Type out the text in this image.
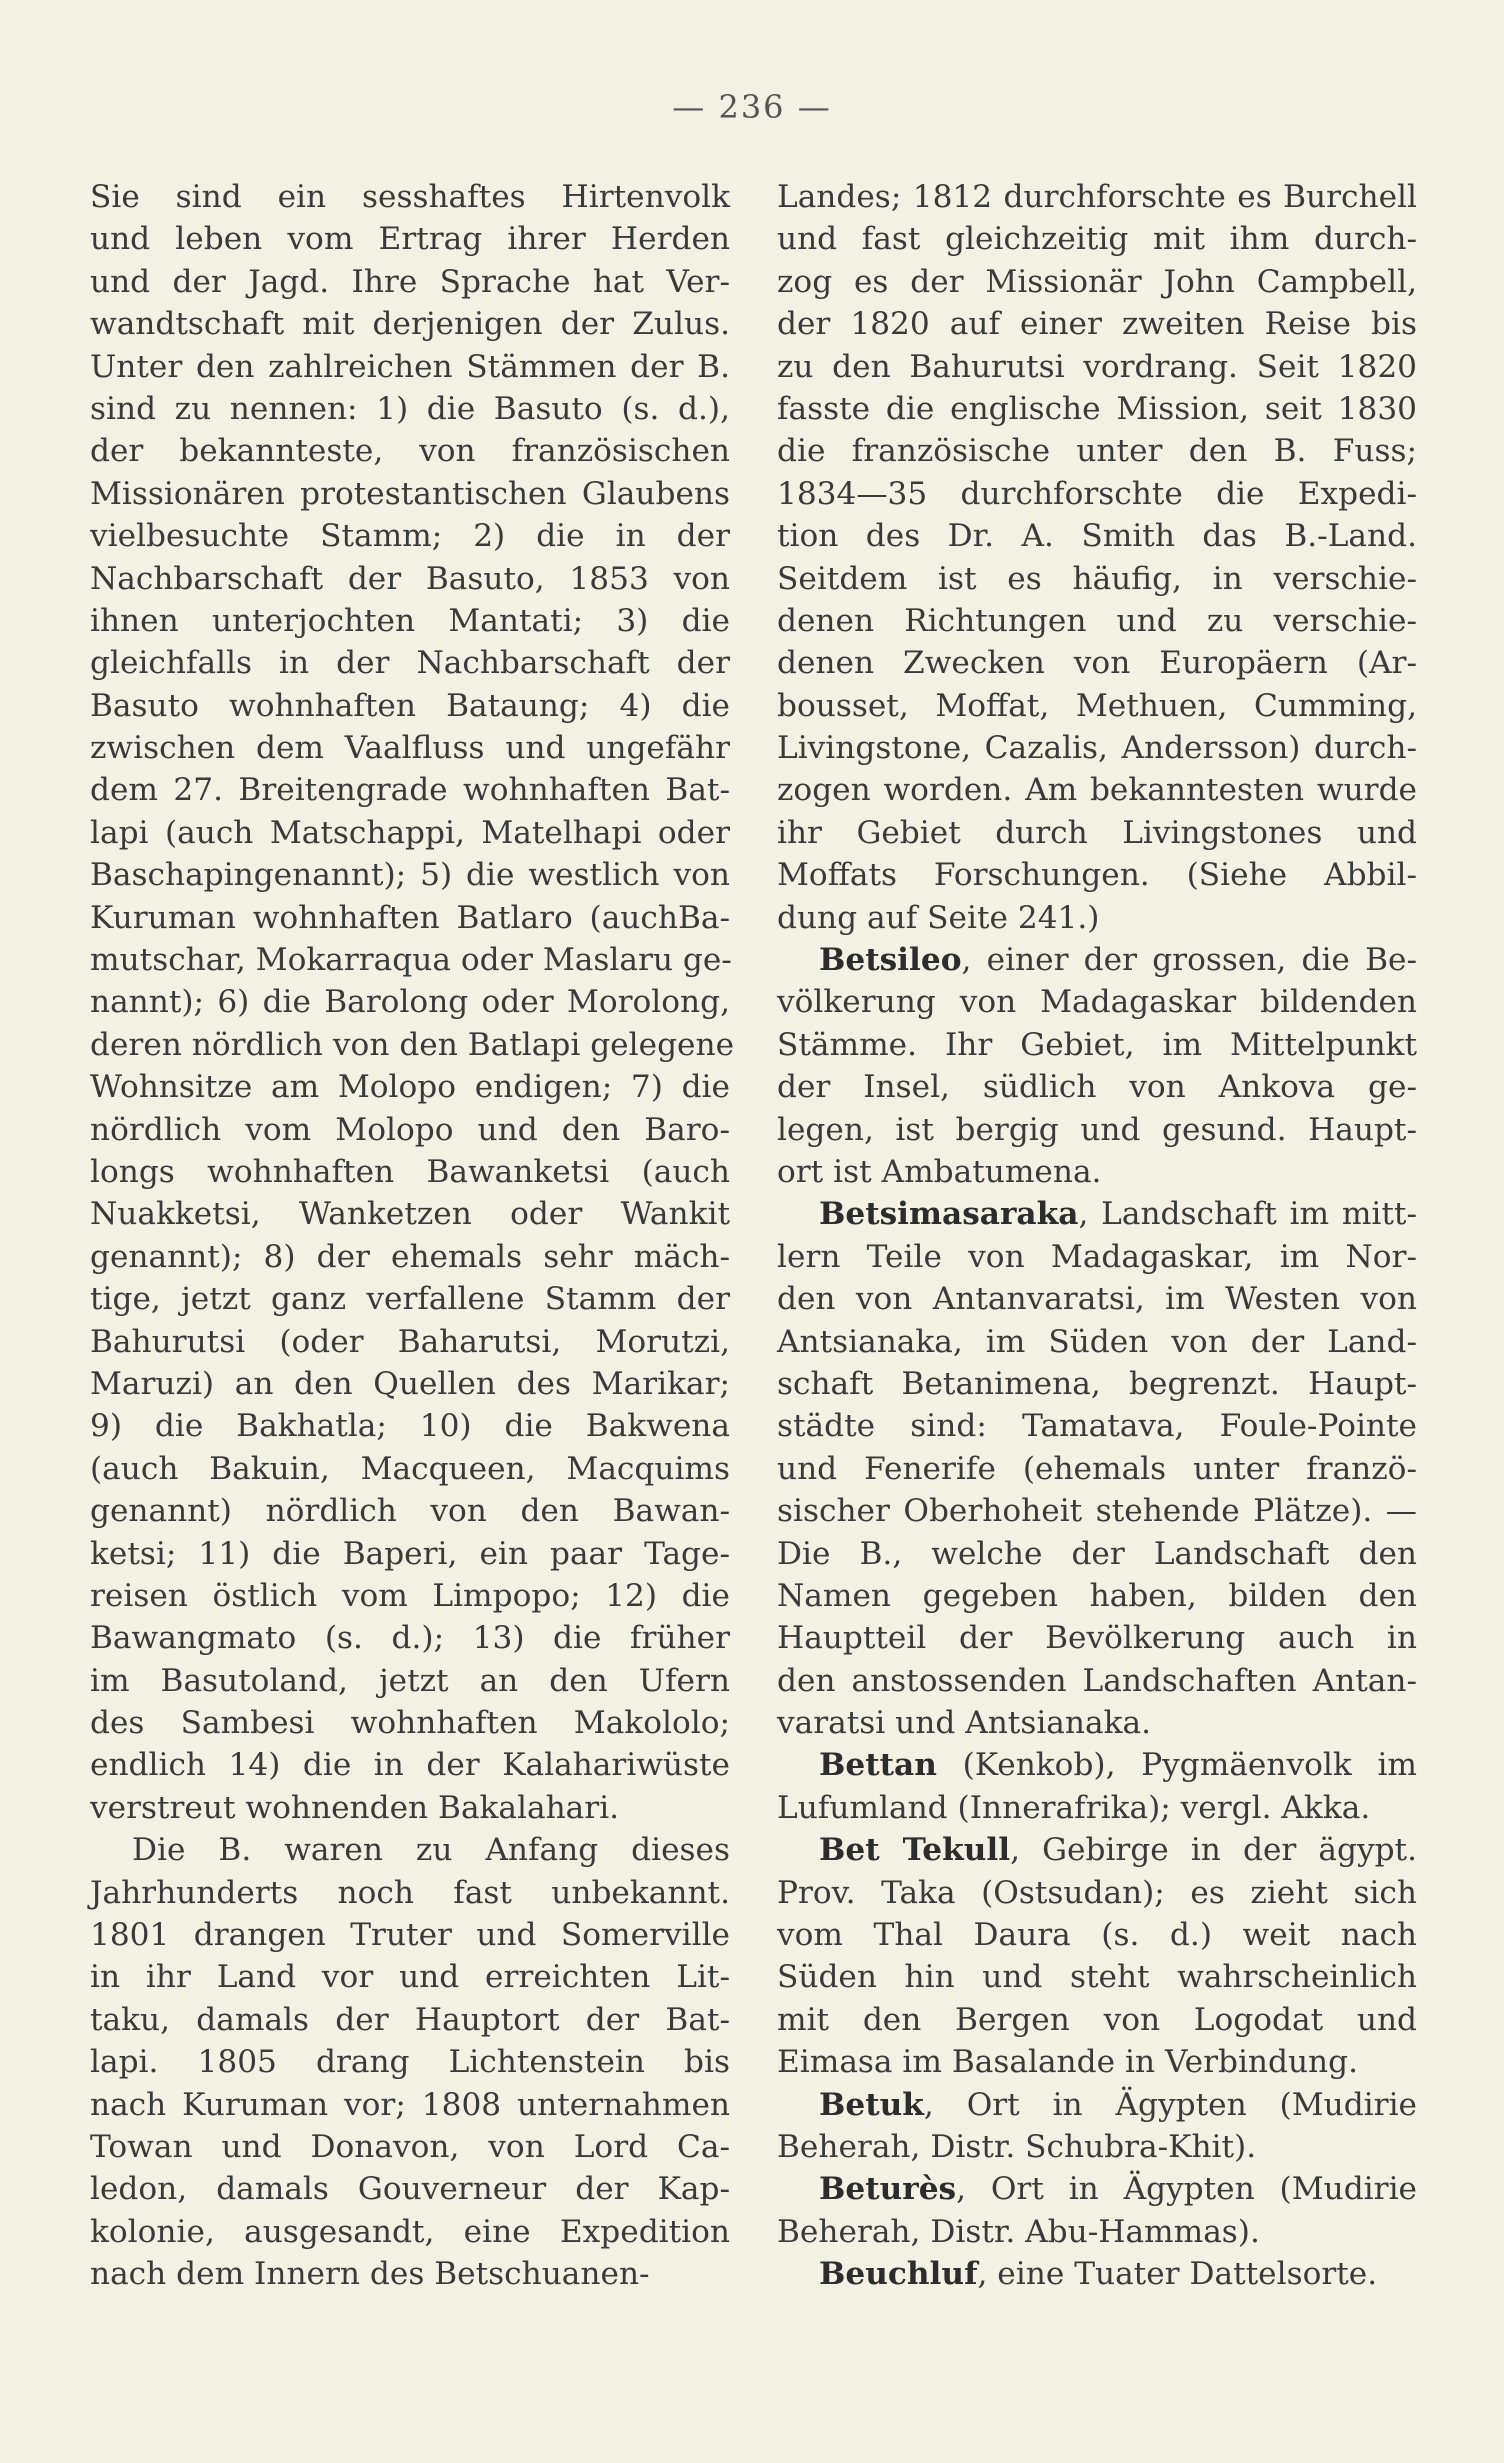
— 236 —
Sie sind ein sesshaftes Hirtenvolk
und leben vom Ertrag ihrer Herden
und der Jagd. Ihre Sprache hat Ver-
wandtschaft mit derjenigen der Zulus.
Unter den zahlreichen Stämmen der B.
sind zu nennen: 1) die Basuto (s. d.),
der bekannteste, von französischen
Missionären protestantischen Glaubens
vielbesuchte Stamm; 2) die in der
Nachbarschaft der Basuto, 1853 von
ihnen unterjochten Mantati; 3) die
gleichfalls in der Nachbarschaft der
Basuto wohnhaften Bataung; 4) die
zwischen dem Vaalfluss und ungefähr
dem 27. Breitengrade wohnhaften Bat-
lapi (auch Matschappi, Matelhapi oder
Baschapingenannt); 5) die westlich von
Kuruman wohnhaften Batlaro (auchBa-
mutschar, Mokarraqua oder Maslaru ge-
nannt); 6) die Barolong oder Morolong,
deren nördlich von den Batlapi gelegene
Wohnsitze am Molopo endigen; 7) die
nördlich vom Molopo und den Baro-
longs wohnhaften Bawanketsi (auch
Nuakketsi, Wanketzen oder Wankit
genannt); 8) der ehemals sehr mäch-
tige, jetzt ganz verfallene Stamm der
Bahurutsi (oder Baharutsi, Morutzi,
Maruzi) an den Quellen des Marikar;
9) die Bakhatla; 10) die Bakwena
(auch Bakuin, Macqueen, Macquims
genannt) nördlich von den Bawan-
ketsi; 11) die Baperi, ein paar Tage-
reisen östlich vom Limpopo; 12) die
Bawangmato (s. d.); 13) die früher
im Basutoland, jetzt an den Ufern
des Sambesi wohnhaften Makololo;
endlich 14) die in der Kalahariwüste
verstreut wohnenden Bakalahari.
Die B. waren zu Anfang dieses
Jahrhunderts noch fast unbekannt.
1801 drangen Truter und Somerville
in ihr Land vor und erreichten Lit-
taku, damals der Hauptort der Bat-
lapi. 1805 drang Lichtenstein bis
nach Kuruman vor; 1808 unternahmen
Towan und Donavon, von Lord Ca-
ledon, damals Gouverneur der Kap-
kolonie, ausgesandt, eine Expedition
nach dem Innern des Betschuanen-
Landes; 1812 durchforschte es Burchell
und fast gleichzeitig mit ihm durch-
zog es der Missionär John Campbell,
der 1820 auf einer zweiten Reise bis
zu den Bahurutsi vordrang. Seit 1820
fasste die englische Mission, seit 1830
die französische unter den B. Fuss;
1834—35 durchforschte die Expedi-
tion des Dr. A. Smith das B.-Land.
Seitdem ist es häufig, in verschie-
denen Richtungen und zu verschie-
denen Zwecken von Europäern (Ar-
bousset, Moffat, Methuen, Cumming,
Livingstone, Cazalis, Andersson) durch-
zogen worden. Am bekanntesten wurde
ihr Gebiet durch Livingstones und
Moffats Forschungen. (Siehe Abbil-
dung auf Seite 241.)
Betsileo, einer der grossen, die Be-
völkerung von Madagaskar bildenden
Stämme. Ihr Gebiet, im Mittelpunkt
der Insel, südlich von Ankova ge-
legen, ist bergig und gesund. Haupt-
ort ist Ambatumena.
Betsimasaraka, Landschaft im mitt-
lern Teile von Madagaskar, im Nor-
den von Antanvaratsi, im Westen von
Antsianaka, im Süden von der Land-
schaft Betanimena, begrenzt. Haupt-
städte sind: Tamatava, Foule-Pointe
und Fenerife (ehemals unter franzö-
sischer Oberhoheit stehende Plätze). —
Die B., welche der Landschaft den
Namen gegeben haben, bilden den
Hauptteil der Bevölkerung auch in
den anstossenden Landschaften Antan-
varatsi und Antsianaka.
Bettan (Kenkob), Pygmäenvolk im
Lufumland (Innerafrika); vergl. Akka.
Bet Tekull, Gebirge in der ägypt.
Prov. Taka (Ostsudan); es zieht sich
vom Thal Daura (s. d.) weit nach
Süden hin und steht wahrscheinlich
mit den Bergen von Logodat und
Eimasa im Basalande in Verbindung.
Betuk, Ort in Ägypten (Mudirie
Beherah, Distr. Schubra-Khit).
Beturès, Ort in Ägypten (Mudirie
Beherah, Distr. Abu-Hammas).
Beuchluf, eine Tuater Dattelsorte.
